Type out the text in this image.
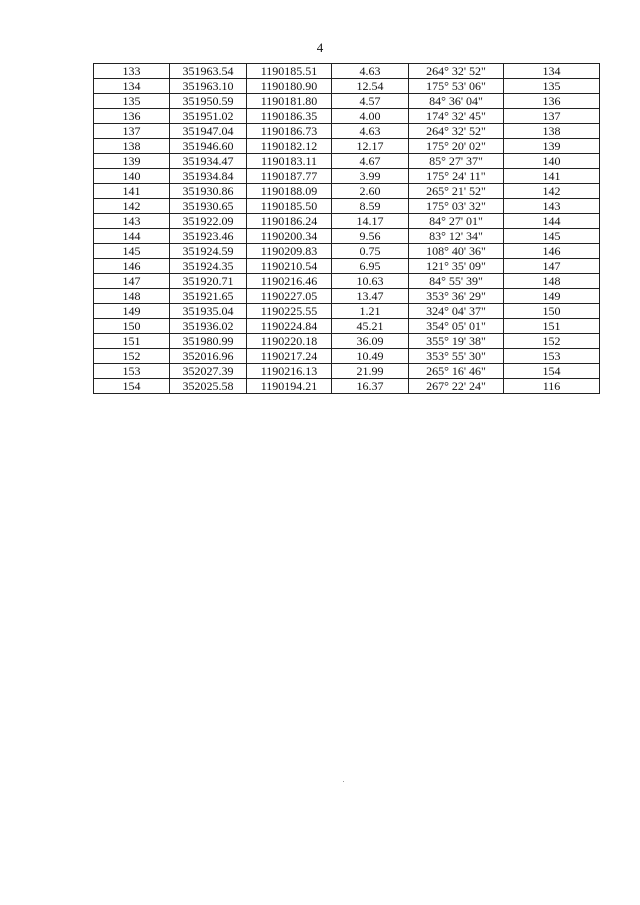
4
133	351963.54	1190185.51	4.63	264° 32' 52"	134
134	351963.10	1190180.90	12.54	175° 53' 06"	135
135	351950.59	1190181.80	4.57	84° 36' 04"	136
136	351951.02	1190186.35	4.00	174° 32' 45"	137
137	351947.04	1190186.73	4.63	264° 32' 52"	138
138	351946.60	1190182.12	12.17	175° 20' 02"	139
139	351934.47	1190183.11	4.67	85° 27' 37"	140
140	351934.84	1190187.77	3.99	175° 24' 11"	141
141	351930.86	1190188.09	2.60	265° 21' 52"	142
142	351930.65	1190185.50	8.59	175° 03' 32"	143
143	351922.09	1190186.24	14.17	84° 27' 01"	144
144	351923.46	1190200.34	9.56	83° 12' 34"	145
145	351924.59	1190209.83	0.75	108° 40' 36"	146
146	351924.35	1190210.54	6.95	121° 35' 09"	147
147	351920.71	1190216.46	10.63	84° 55' 39"	148
148	351921.65	1190227.05	13.47	353° 36' 29"	149
149	351935.04	1190225.55	1.21	324° 04' 37"	150
150	351936.02	1190224.84	45.21	354° 05' 01"	151
151	351980.99	1190220.18	36.09	355° 19' 38"	152
152	352016.96	1190217.24	10.49	353° 55' 30"	153
153	352027.39	1190216.13	21.99	265° 16' 46"	154
154	352025.58	1190194.21	16.37	267° 22' 24"	116
